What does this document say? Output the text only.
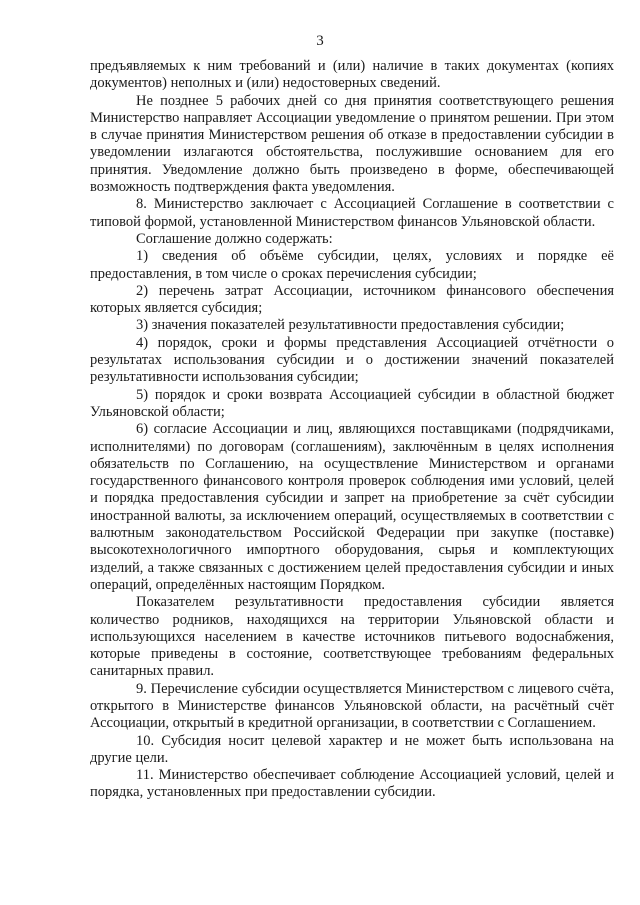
3

предъявляемых к ним требований и (или) наличие в таких документах (копиях документов) неполных и (или) недостоверных сведений.

Не позднее 5 рабочих дней со дня принятия соответствующего решения Министерство направляет Ассоциации уведомление о принятом решении. При этом в случае принятия Министерством решения об отказе в предоставлении субсидии в уведомлении излагаются обстоятельства, послужившие основанием для его принятия. Уведомление должно быть произведено в форме, обеспечивающей возможность подтверждения факта уведомления.

8. Министерство заключает с Ассоциацией Соглашение в соответствии с типовой формой, установленной Министерством финансов Ульяновской области.

Соглашение должно содержать:

1) сведения об объёме субсидии, целях, условиях и порядке её предоставления, в том числе о сроках перечисления субсидии;

2) перечень затрат Ассоциации, источником финансового обеспечения которых является субсидия;

3) значения показателей результативности предоставления субсидии;

4) порядок, сроки и формы представления Ассоциацией отчётности о результатах использования субсидии и о достижении значений показателей результативности использования субсидии;

5) порядок и сроки возврата Ассоциацией субсидии в областной бюджет Ульяновской области;

6) согласие Ассоциации и лиц, являющихся поставщиками (подрядчиками, исполнителями) по договорам (соглашениям), заключённым в целях исполнения обязательств по Соглашению, на осуществление Министерством и органами государственного финансового контроля проверок соблюдения ими условий, целей и порядка предоставления субсидии и запрет на приобретение за счёт субсидии иностранной валюты, за исключением операций, осуществляемых в соответствии с валютным законодательством Российской Федерации при закупке (поставке) высокотехнологичного импортного оборудования, сырья и комплектующих изделий, а также связанных с достижением целей предоставления субсидии и иных операций, определённых настоящим Порядком.

Показателем результативности предоставления субсидии является количество родников, находящихся на территории Ульяновской области и использующихся населением в качестве источников питьевого водоснабжения, которые приведены в состояние, соответствующее требованиям федеральных санитарных правил.

9. Перечисление субсидии осуществляется Министерством с лицевого счёта, открытого в Министерстве финансов Ульяновской области, на расчётный счёт Ассоциации, открытый в кредитной организации, в соответствии с Соглашением.

10. Субсидия носит целевой характер и не может быть использована на другие цели.

11. Министерство обеспечивает соблюдение Ассоциацией условий, целей и порядка, установленных при предоставлении субсидии.
